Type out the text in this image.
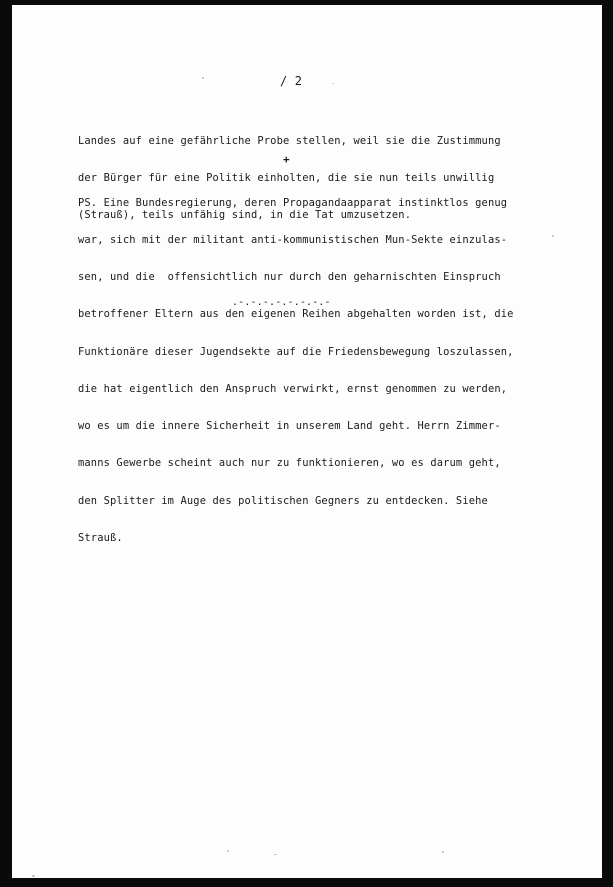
/ 2

Landes auf eine gefährliche Probe stellen, weil sie die Zustimmung

der Bürger für eine Politik einholten, die sie nun teils unwillig

(Strauß), teils unfähig sind, in die Tat umzusetzen.

+

PS. Eine Bundesregierung, deren Propagandaapparat instinktlos genug

war, sich mit der militant anti-kommunistischen Mun-Sekte einzulas-

sen, und die  offensichtlich nur durch den geharnischten Einspruch

betroffener Eltern aus den eigenen Reihen abgehalten worden ist, die

Funktionäre dieser Jugendsekte auf die Friedensbewegung loszulassen,

die hat eigentlich den Anspruch verwirkt, ernst genommen zu werden,

wo es um die innere Sicherheit in unserem Land geht. Herrn Zimmer-

manns Gewerbe scheint auch nur zu funktionieren, wo es darum geht,

den Splitter im Auge des politischen Gegners zu entdecken. Siehe

Strauß.

.-.-.-.-.-.-.-.-
